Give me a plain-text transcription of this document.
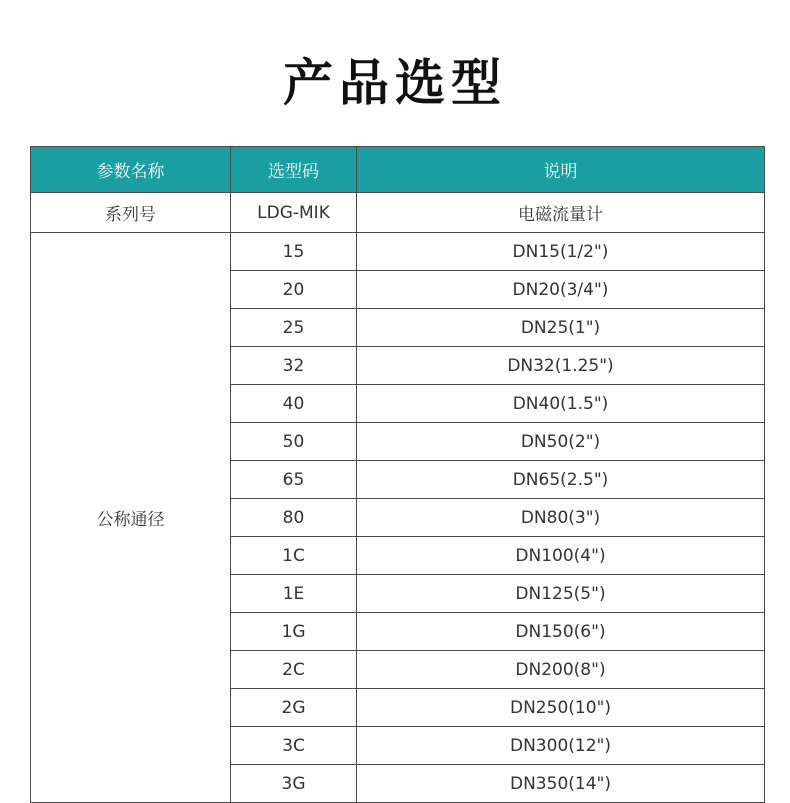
产品选型
参数名称	选型码	说明
系列号	LDG-MIK	电磁流量计
公称通径	15	DN15(1/2")
	20	DN20(3/4")
	25	DN25(1")
	32	DN32(1.25")
	40	DN40(1.5")
	50	DN50(2")
	65	DN65(2.5")
	80	DN80(3")
	1C	DN100(4")
	1E	DN125(5")
	1G	DN150(6")
	2C	DN200(8")
	2G	DN250(10")
	3C	DN300(12")
	3G	DN350(14")
